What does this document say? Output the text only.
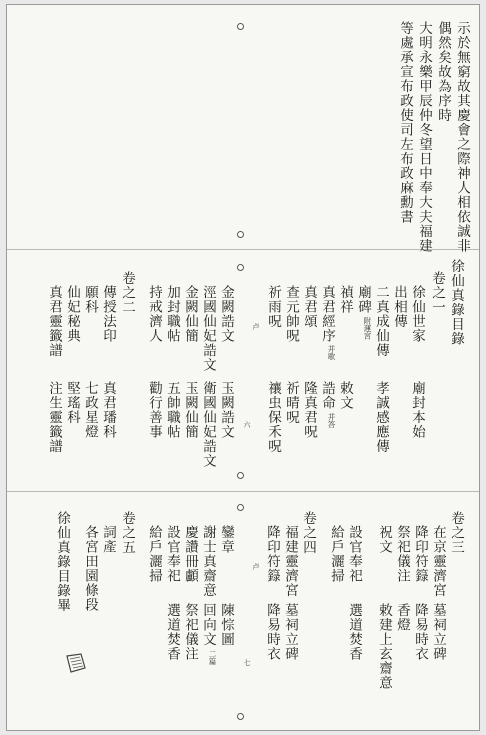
示於無窮故其慶會之際神人相依誠非
偶然矣故為序時
大明永樂甲辰仲冬望日中奉大夫福建
等處承宣布政使司左布政麻勳書
徐仙真錄目錄
卷之一
徐仙世家
廟封本始
出相傳
二真成仙傳
孝誠感應傳
廟碑
附運宮
禎祥
敕文
真君經序
并歌
誥命
并答
真君頌
隆真君呪
查元帥呪
祈晴呪
祈雨呪
禳虫保禾呪
卢
六
金闕誥文
玉闕誥文
涇國仙妃誥文
衛國仙妃誥文
金闕仙簡
玉闕仙簡
加封職帖
五帥職帖
持戒濟人
勸行善事
卷之二
傳授法印
真君璠科
願科
七政星燈
仙妃秘典
堅瑤科
真君靈籤譜
注生靈籤譜
卷之三
在京靈濟宮
墓祠立碑
降印符籙
降易時衣
祭祀儀注
香燈
祝文
敕建上玄齋意
設官奉祀
選道焚香
給戶灑掃
卷之四
福建靈濟宮
墓祠立碑
降印符籙
降易時衣
卢
七
鑾章
陳悰圖
謝士真齋意
回向文
二篇
慶讚冊顱
祭祀儀注
設官奉祀
選道焚香
給戶灑掃
卷之五
詞產
各宮田園條段
徐仙真錄目錄畢
